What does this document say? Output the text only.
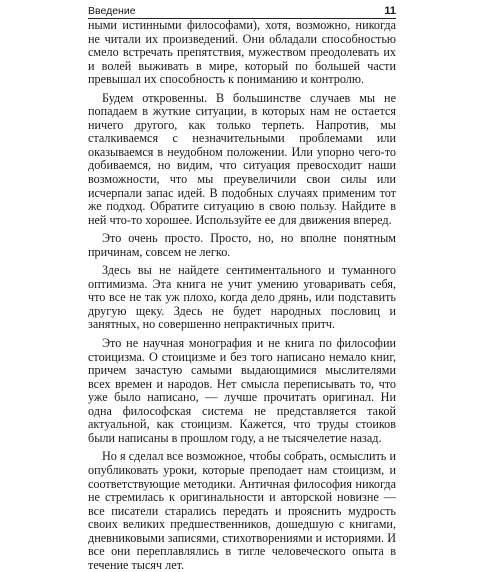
Введение	11

ными истинными философами), хотя, возможно, никогда не читали их произведений. Они обладали способностью смело встречать препятствия, мужеством преодолевать их и волей выживать в мире, который по большей части превышал их способность к пониманию и контролю.

Будем откровенны. В большинстве случаев мы не попадаем в жуткие ситуации, в которых нам не остается ничего другого, как только терпеть. Напротив, мы сталкиваемся с незначительными проблемами или оказываемся в неудобном положении. Или упорно чего-то добиваемся, но видим, что ситуация превосходит наши возможности, что мы преувеличили свои силы или исчерпали запас идей. В подобных случаях применим тот же подход. Обратите ситуацию в свою пользу. Найдите в ней что-то хорошее. Используйте ее для движения вперед.

Это очень просто. Просто, но, но вполне понятным причинам, совсем не легко.

Здесь вы не найдете сентиментального и туманного оптимизма. Эта книга не учит умению уговаривать себя, что все не так уж плохо, когда дело дрянь, или подставить другую щеку. Здесь не будет народных пословиц и занятных, но совершенно непрактичных притч.

Это не научная монография и не книга по философии стоицизма. О стоицизме и без того написано немало книг, причем зачастую самыми выдающимися мыслителями всех времен и народов. Нет смысла переписывать то, что уже было написано, — лучше прочитать оригинал. Ни одна философская система не представляется такой актуальной, как стоицизм. Кажется, что труды стоиков были написаны в прошлом году, а не тысячелетие назад.

Но я сделал все возможное, чтобы собрать, осмыслить и опубликовать уроки, которые преподает нам стоицизм, и соответствующие методики. Античная философия никогда не стремилась к оригинальности и авторской новизне — все писатели старались передать и прояснить мудрость своих великих предшественников, дошедшую с книгами, дневниковыми записями, стихотворениями и историями. И все они переплавлялись в тигле человеческого опыта в течение тысяч лет.
